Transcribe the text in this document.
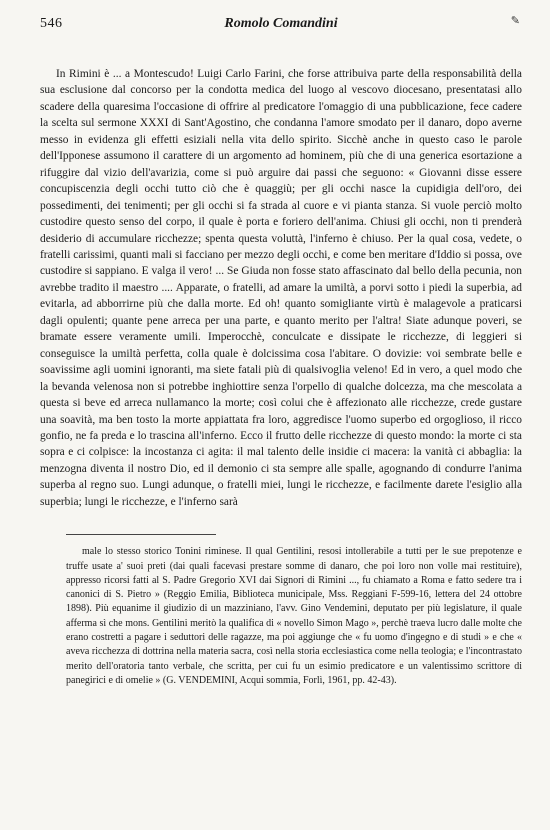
546	Romolo Comandini	✎

In Rimini è ... a Montescudo! Luigi Carlo Farini, che forse attribuiva parte della responsabilità della sua esclusione dal concorso per la condotta medica del luogo al vescovo diocesano, presentatasi allo scadere della quaresima l'occasione di offrire al predicatore l'omaggio di una pubblicazione, fece cadere la scelta sul sermone XXXI di Sant'Agostino, che condanna l'amore smodato per il danaro, dopo averne messo in evidenza gli effetti esiziali nella vita dello spirito. Sicchè anche in questo caso le parole dell'Ipponese assumono il carattere di un argomento ad hominem, più che di una generica esortazione a rifuggire dal vizio dell'avarizia, come si può arguire dai passi che seguono: « Giovanni disse essere concupiscenzia degli occhi tutto ciò che è quaggiù; per gli occhi nasce la cupidigia dell'oro, dei possedimenti, dei tenimenti; per gli occhi si fa strada al cuore e vi pianta stanza. Si vuole perciò molto custodire questo senso del corpo, il quale è porta e foriero dell'anima. Chiusi gli occhi, non ti prenderà desiderio di accumulare ricchezze; spenta questa voluttà, l'inferno è chiuso. Per la qual cosa, vedete, o fratelli carissimi, quanti mali si facciano per mezzo degli occhi, e come ben meritare d'Iddio si possa, ove custodire si sappiano. E valga il vero! ... Se Giuda non fosse stato affascinato dal bello della pecunia, non avrebbe tradito il maestro .... Apparate, o fratelli, ad amare la umiltà, a porvi sotto i piedi la superbia, ad evitarla, ad abborrirne più che dalla morte. Ed oh! quanto somigliante virtù è malagevole a praticarsi dagli opulenti; quante pene arreca per una parte, e quanto merito per l'altra! Siate adunque poveri, se bramate essere veramente umili. Imperocchè, conculcate e dissipate le ricchezze, di leggieri si conseguisce la umiltà perfetta, colla quale è dolcissima cosa l'abitare. O dovizie: voi sembrate belle e soavissime agli uomini ignoranti, ma siete fatali più di qualsivoglia veleno! Ed in vero, a quel modo che la bevanda velenosa non si potrebbe inghiottire senza l'orpello di qualche dolcezza, ma che mescolata a questa si beve ed arreca nullamanco la morte; così colui che è affezionato alle ricchezze, crede gustare una soavità, ma ben tosto la morte appiattata fra loro, aggredisce l'uomo superbo ed orgoglioso, il ricco gonfio, ne fa preda e lo trascina all'inferno. Ecco il frutto delle ricchezze di questo mondo: la morte ci sta sopra e ci colpisce: la incostanza ci agita: il mal talento delle insidie ci macera: la vanità ci abbaglia: la menzogna diventa il nostro Dio, ed il demonio ci sta sempre alle spalle, agognando di condurre l'anima superba al regno suo. Lungi adunque, o fratelli miei, lungi le ricchezze, e facilmente darete l'esiglio alla superbia; lungi le ricchezze, e l'inferno sarà

male lo stesso storico Tonini riminese. Il qual Gentilini, resosi intollerabile a tutti per le sue prepotenze e truffe usate a' suoi preti (dai quali facevasi prestare somme di danaro, che poi loro non volle mai restituire), appresso ricorsi fatti al S. Padre Gregorio XVI dai Signori di Rimini ..., fu chiamato a Roma e fatto sedere tra i canonici di S. Pietro » (Reggio Emilia, Biblioteca municipale, Mss. Reggiani F-599-16, lettera del 24 ottobre 1898). Più equanime il giudizio di un mazziniano, l'avv. Gino Vendemini, deputato per più legislature, il quale afferma sì che mons. Gentilini meritò la qualifica di « novello Simon Mago », perchè traeva lucro dalle molte che erano costretti a pagare i seduttori delle ragazze, ma poi aggiunge che « fu uomo d'ingegno e di studi » e che « aveva ricchezza di dottrina nella materia sacra, così nella storia ecclesiastica come nella teologia; e l'incontrastato merito dell'oratoria tanto verbale, che scritta, per cui fu un esimio predicatore e un valentissimo scrittore di panegirici e di omelie » (G. VENDEMINI, Acqui sommia, Forlì, 1961, pp. 42-43).
